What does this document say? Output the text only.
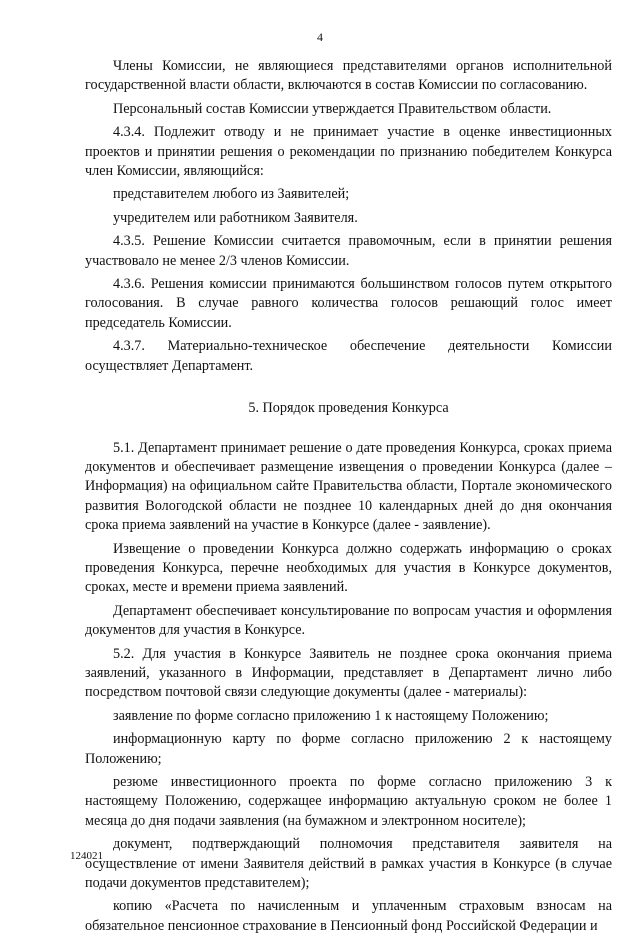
4

Члены Комиссии, не являющиеся представителями органов исполнительной государственной власти области, включаются в состав Комиссии по согласованию.

Персональный состав Комиссии утверждается Правительством области.

4.3.4. Подлежит отводу и не принимает участие в оценке инвестиционных проектов и принятии решения о рекомендации по признанию победителем Конкурса член Комиссии, являющийся:

представителем любого из Заявителей;

учредителем или работником Заявителя.

4.3.5. Решение Комиссии считается правомочным, если в принятии решения участвовало не менее 2/3 членов Комиссии.

4.3.6. Решения комиссии принимаются большинством голосов путем открытого голосования. В случае равного количества голосов решающий голос имеет председатель Комиссии.

4.3.7. Материально-техническое обеспечение деятельности Комиссии осуществляет Департамент.

5. Порядок проведения Конкурса

5.1. Департамент принимает решение о дате проведения Конкурса, сроках приема документов и обеспечивает размещение извещения о проведении Конкурса (далее – Информация) на официальном сайте Правительства области, Портале экономического развития Вологодской области не позднее 10 календарных дней до дня окончания срока приема заявлений на участие в Конкурсе (далее - заявление).

Извещение о проведении Конкурса должно содержать информацию о сроках проведения Конкурса, перечне необходимых для участия в Конкурсе документов, сроках, месте и времени приема заявлений.

Департамент обеспечивает консультирование по вопросам участия и оформления документов для участия в Конкурсе.

5.2. Для участия в Конкурсе Заявитель не позднее срока окончания приема заявлений, указанного в Информации, представляет в Департамент лично либо посредством почтовой связи следующие документы (далее - материалы):

заявление по форме согласно приложению 1 к настоящему Положению;

информационную карту по форме согласно приложению 2 к настоящему Положению;

резюме инвестиционного проекта по форме согласно приложению 3 к настоящему Положению, содержащее информацию актуальную сроком не более 1 месяца до дня подачи заявления (на бумажном и электронном носителе);

документ, подтверждающий полномочия представителя заявителя на осуществление от имени Заявителя действий в рамках участия в Конкурсе (в случае подачи документов представителем);

копию «Расчета по начисленным и уплаченным страховым взносам на обязательное пенсионное страхование в Пенсионный фонд Российской Федерации и

124021
